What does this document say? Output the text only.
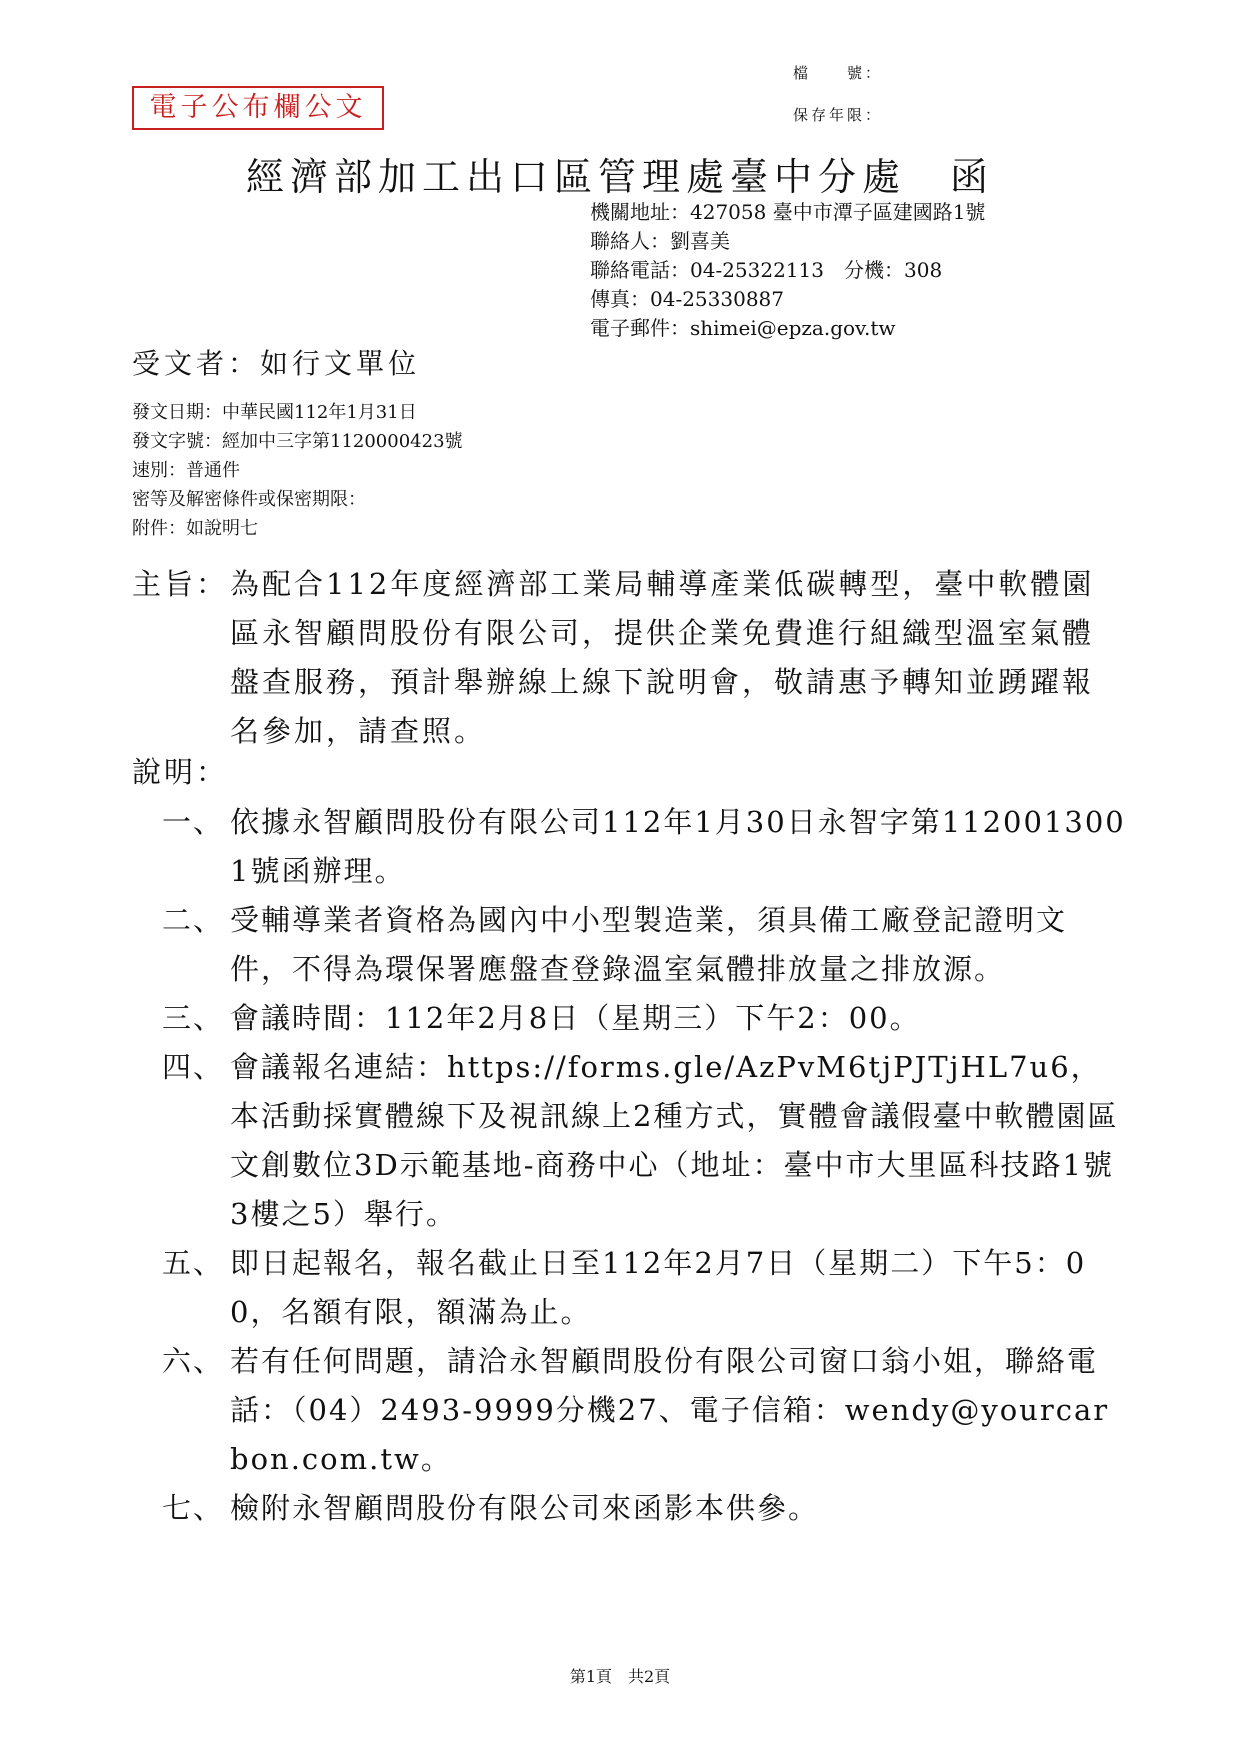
電子公布欄公文
檔　　號：
保存年限：
經濟部加工出口區管理處臺中分處　函
機關地址：427058 臺中市潭子區建國路1號
聯絡人：劉喜美
聯絡電話：04-25322113　分機：308
傳真：04-25330887
電子郵件：shimei@epza.gov.tw
受文者：如行文單位
發文日期：中華民國112年1月31日
發文字號：經加中三字第1120000423號
速別：普通件
密等及解密條件或保密期限：
附件：如說明七
主旨： 為配合112年度經濟部工業局輔導產業低碳轉型，臺中軟體園區永智顧問股份有限公司，提供企業免費進行組織型溫室氣體盤查服務，預計舉辦線上線下說明會，敬請惠予轉知並踴躍報名參加，請查照。
說明：
一、 依據永智顧問股份有限公司112年1月30日永智字第1120013001號函辦理。
二、 受輔導業者資格為國內中小型製造業，須具備工廠登記證明文件，不得為環保署應盤查登錄溫室氣體排放量之排放源。
三、 會議時間：112年2月8日（星期三）下午2：00。
四、 會議報名連結：https://forms.gle/AzPvM6tjPJTjHL7u6，本活動採實體線下及視訊線上2種方式，實體會議假臺中軟體園區文創數位3D示範基地-商務中心（地址：臺中市大里區科技路1號3樓之5）舉行。
五、 即日起報名，報名截止日至112年2月7日（星期二）下午5：00，名額有限，額滿為止。
六、 若有任何問題，請洽永智顧問股份有限公司窗口翁小姐，聯絡電話：（04）2493-9999分機27、電子信箱：wendy@yourcarbon.com.tw。
七、 檢附永智顧問股份有限公司來函影本供參。
第1頁　共2頁
